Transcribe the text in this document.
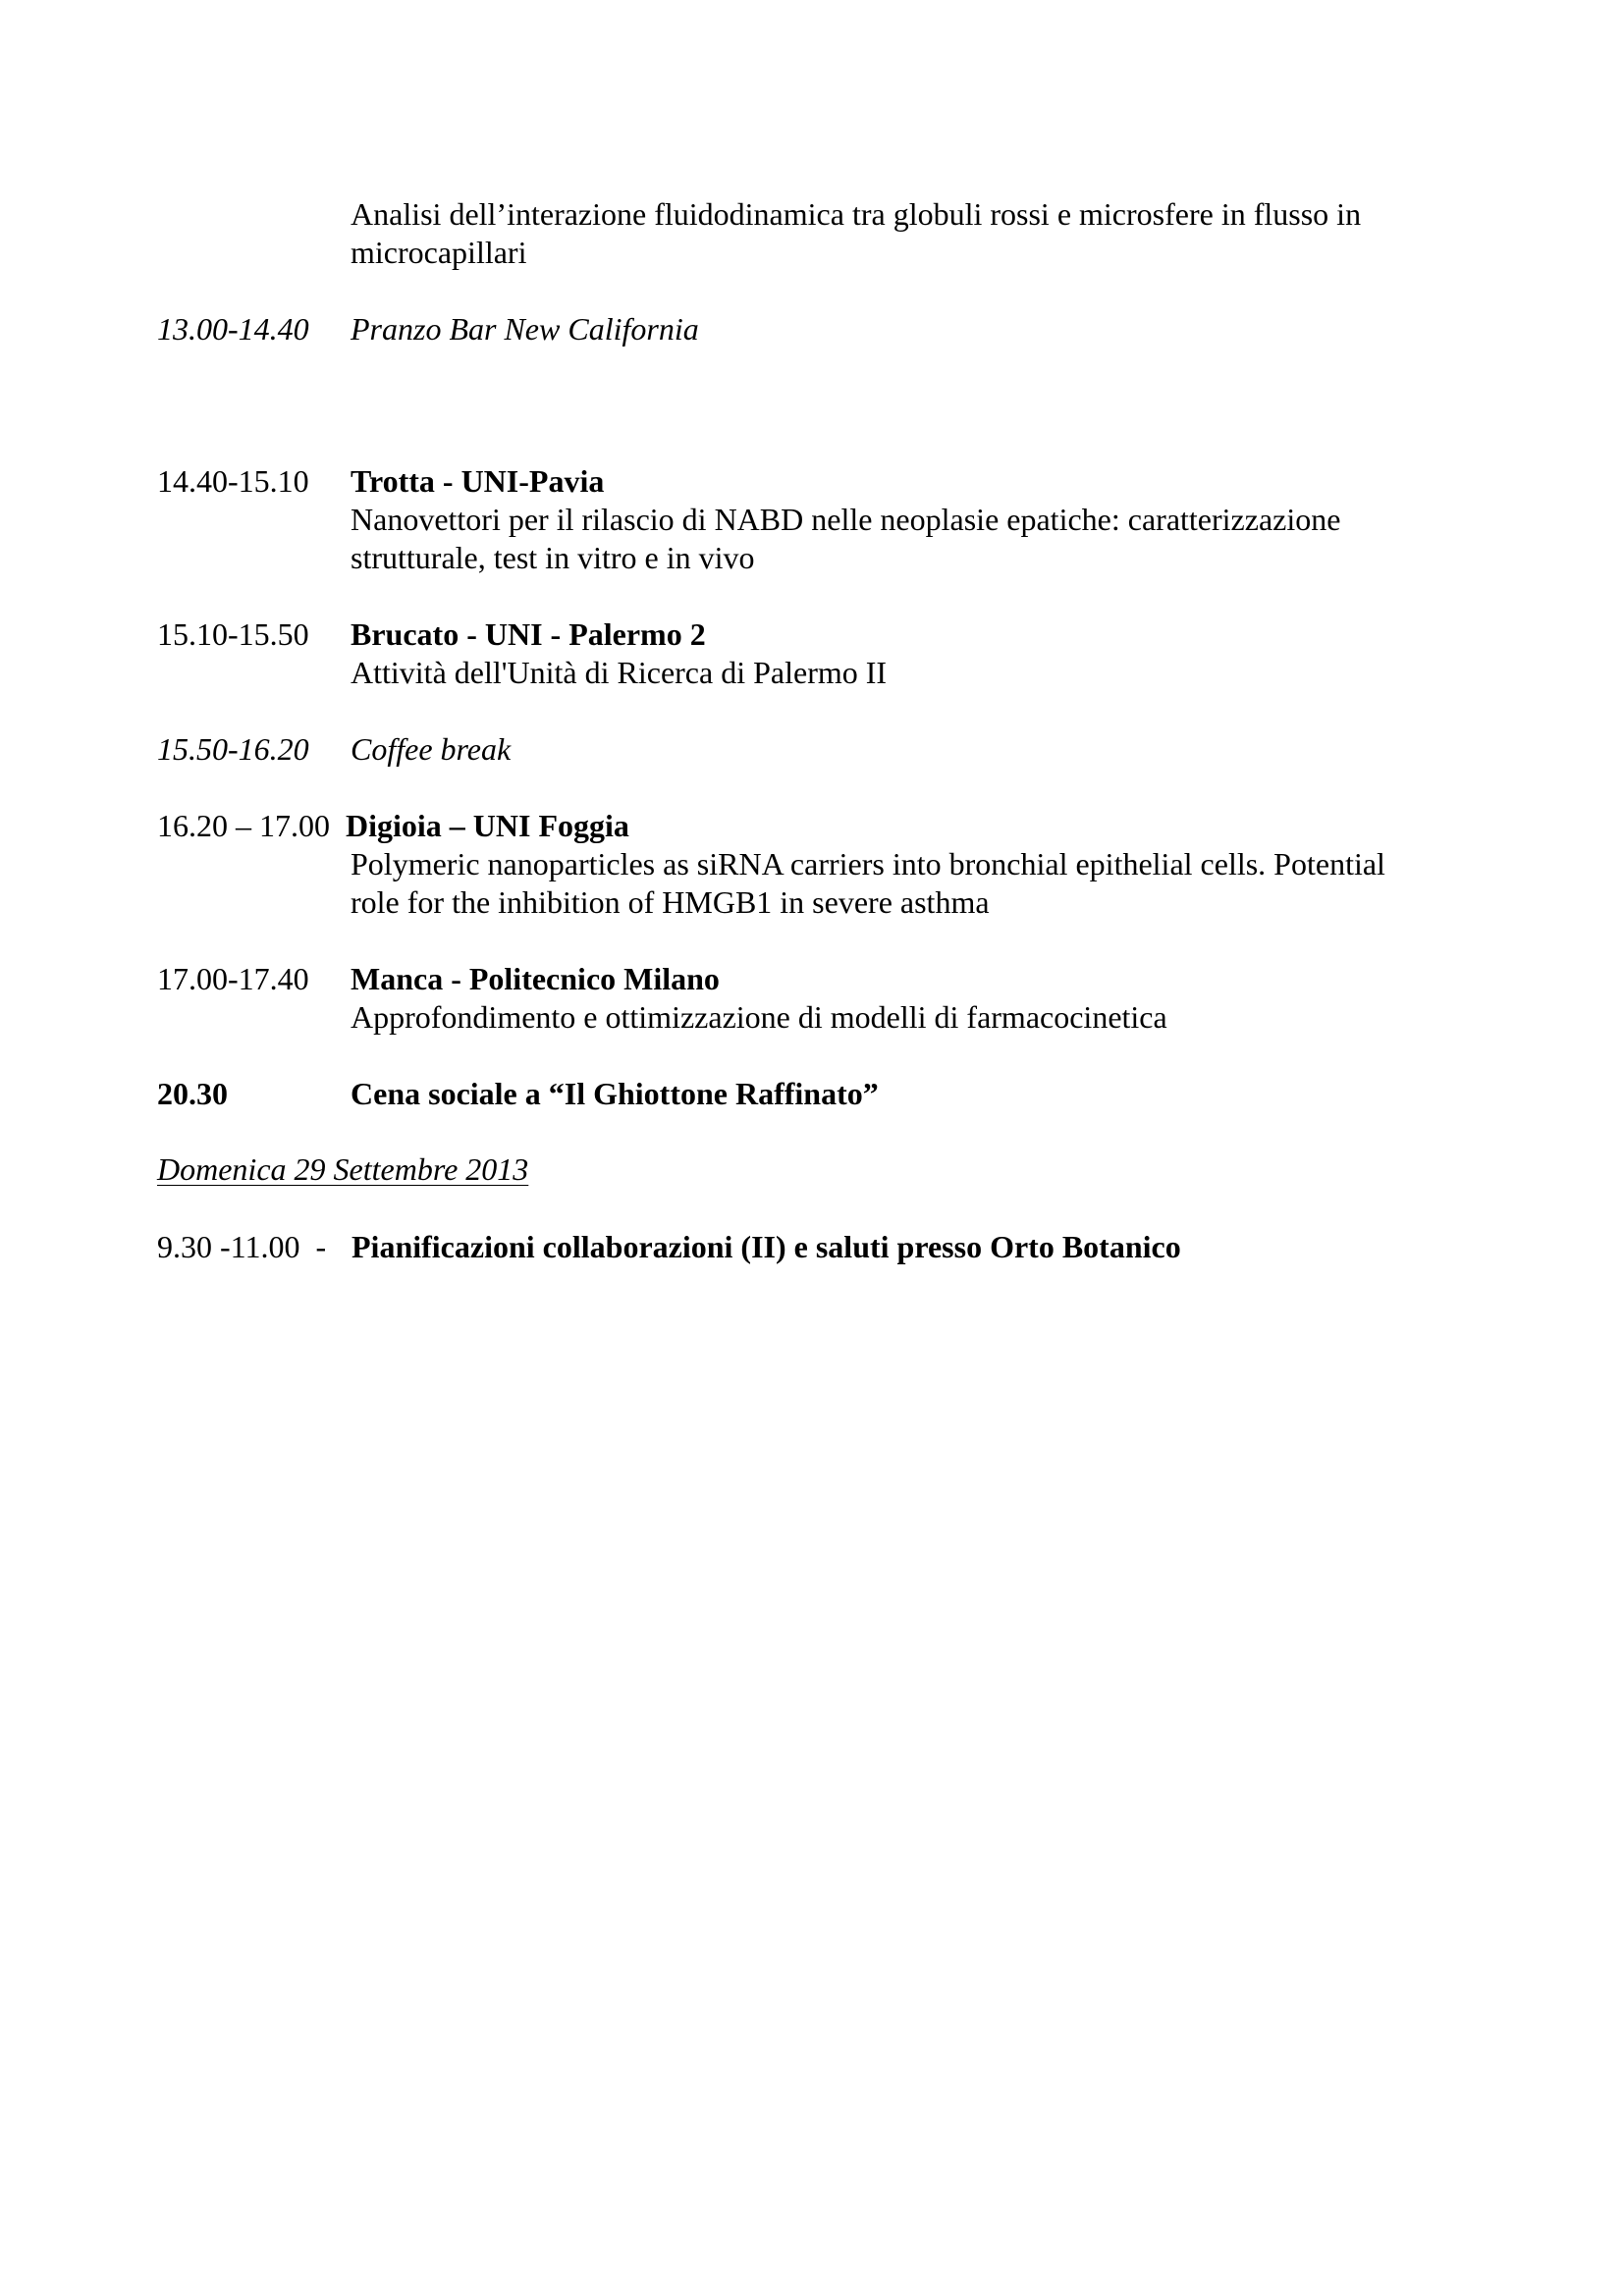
Analisi dell’interazione fluidodinamica tra globuli rossi e microsfere in flusso in
microcapillari
13.00-14.40 Pranzo Bar New California
14.40-15.10 Trotta - UNI-Pavia
Nanovettori per il rilascio di NABD nelle neoplasie epatiche: caratterizzazione
strutturale, test in vitro e in vivo
15.10-15.50 Brucato - UNI - Palermo 2
Attività dell'Unità di Ricerca di Palermo II
15.50-16.20 Coffee break
16.20 – 17.00 Digioia – UNI Foggia
Polymeric nanoparticles as siRNA carriers into bronchial epithelial cells. Potential
role for the inhibition of HMGB1 in severe asthma
17.00-17.40 Manca - Politecnico Milano
Approfondimento e ottimizzazione di modelli di farmacocinetica
20.30	Cena sociale a “Il Ghiottone Raffinato”
Domenica 29 Settembre 2013
9.30 -11.00  - Pianificazioni collaborazioni (II) e saluti presso Orto Botanico
